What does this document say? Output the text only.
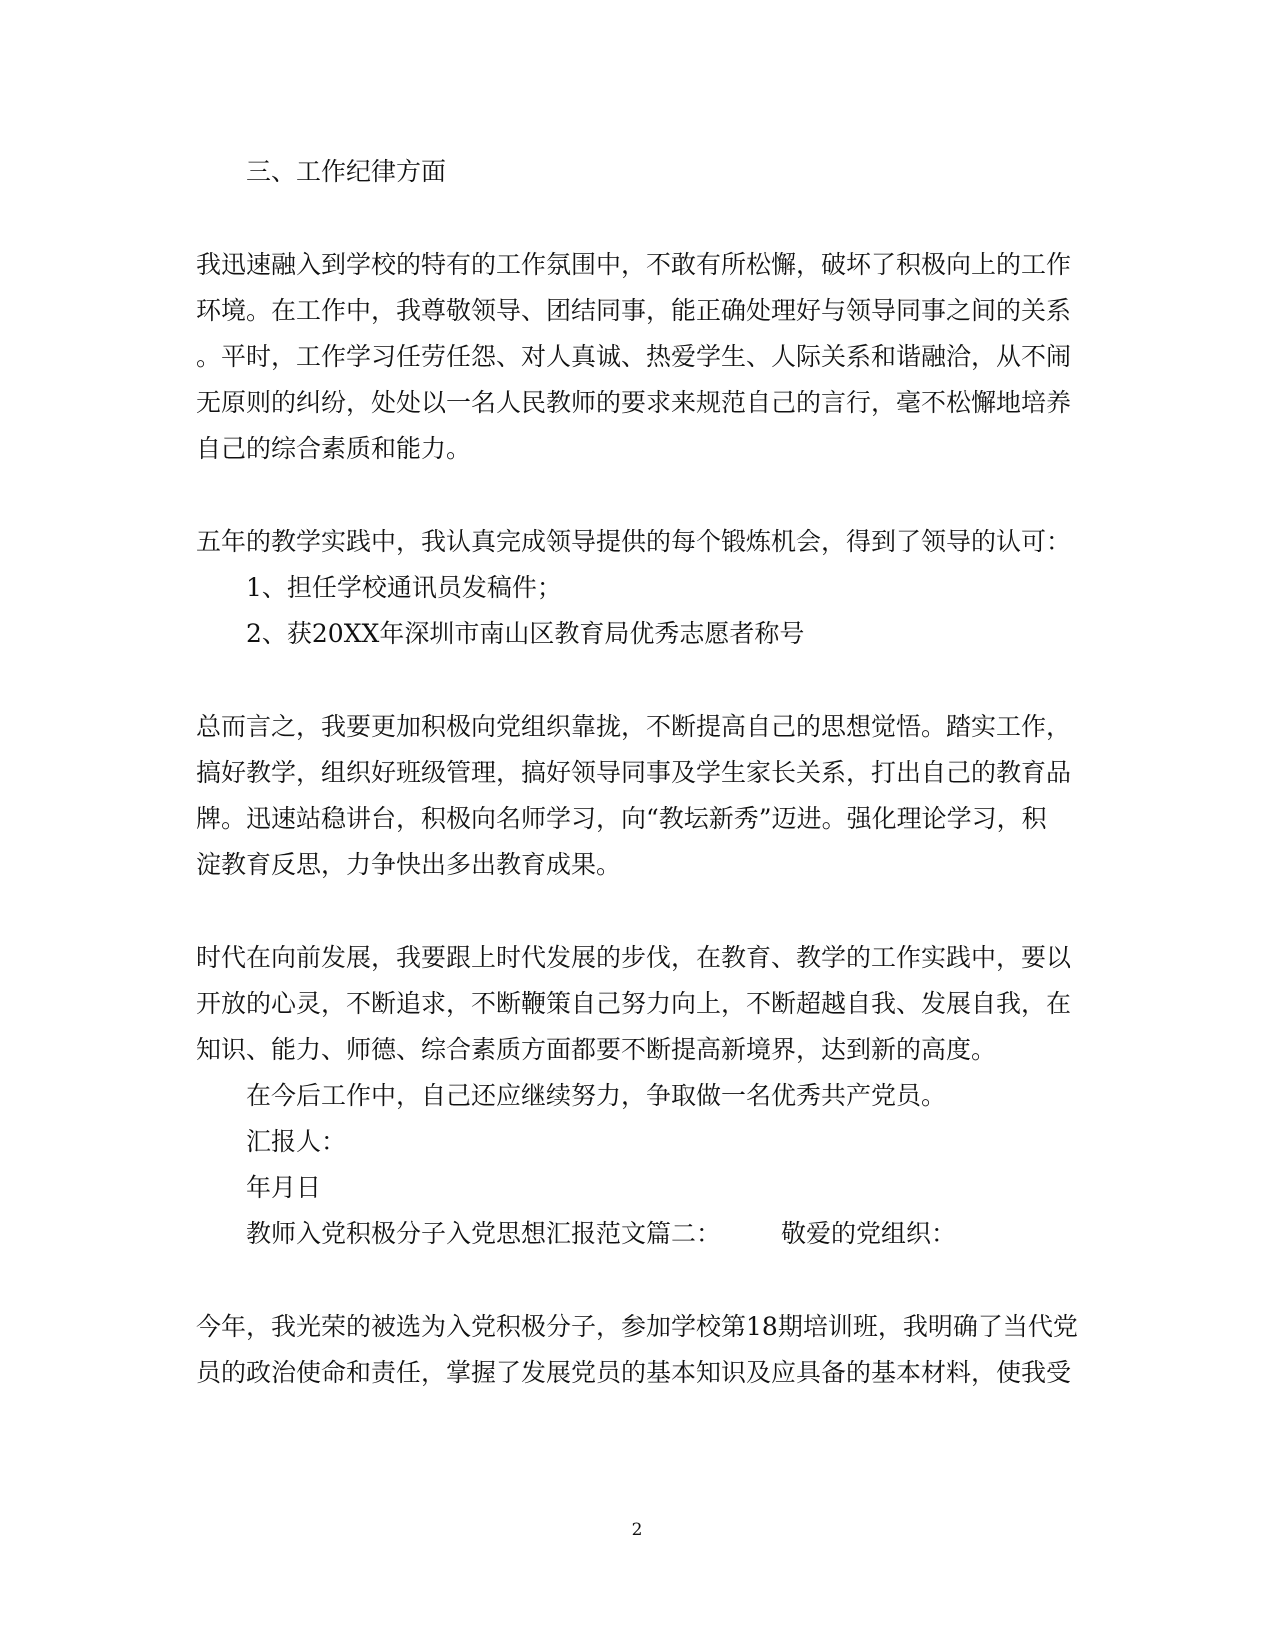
三、工作纪律方面
我迅速融入到学校的特有的工作氛围中，不敢有所松懈，破坏了积极向上的工作
环境。在工作中，我尊敬领导、团结同事，能正确处理好与领导同事之间的关系
。平时，工作学习任劳任怨、对人真诚、热爱学生、人际关系和谐融洽，从不闹
无原则的纠纷，处处以一名人民教师的要求来规范自己的言行，毫不松懈地培养
自己的综合素质和能力。
五年的教学实践中，我认真完成领导提供的每个锻炼机会，得到了领导的认可：
1、担任学校通讯员发稿件；
2、获20XX年深圳市南山区教育局优秀志愿者称号
总而言之，我要更加积极向党组织靠拢，不断提高自己的思想觉悟。踏实工作，
搞好教学，组织好班级管理，搞好领导同事及学生家长关系，打出自己的教育品
牌。迅速站稳讲台，积极向名师学习，向“教坛新秀”迈进。强化理论学习，积
淀教育反思，力争快出多出教育成果。
时代在向前发展，我要跟上时代发展的步伐，在教育、教学的工作实践中，要以
开放的心灵，不断追求，不断鞭策自己努力向上，不断超越自我、发展自我，在
知识、能力、师德、综合素质方面都要不断提高新境界，达到新的高度。
在今后工作中，自己还应继续努力，争取做一名优秀共产党员。
汇报人：
年月日
教师入党积极分子入党思想汇报范文篇二： 敬爱的党组织：
今年，我光荣的被选为入党积极分子，参加学校第18期培训班，我明确了当代党
员的政治使命和责任，掌握了发展党员的基本知识及应具备的基本材料，使我受
2
